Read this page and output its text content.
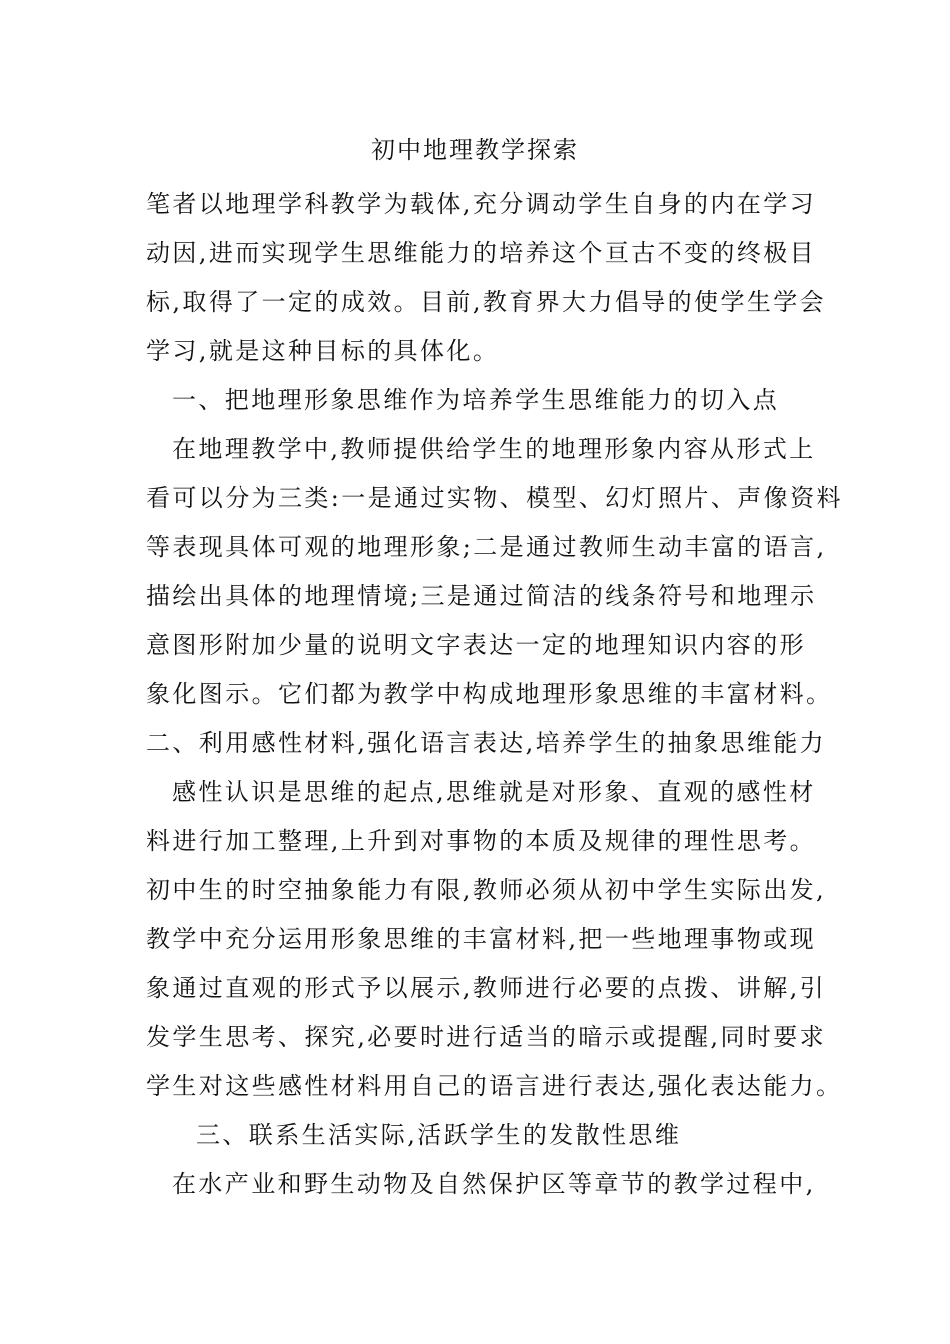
初中地理教学探索
笔者以地理学科教学为载体,充分调动学生自身的内在学习
动因,进而实现学生思维能力的培养这个亘古不变的终极目
标,取得了一定的成效。目前,教育界大力倡导的使学生学会
学习,就是这种目标的具体化。
一、把地理形象思维作为培养学生思维能力的切入点
在地理教学中,教师提供给学生的地理形象内容从形式上
看可以分为三类:一是通过实物、模型、幻灯照片、声像资料
等表现具体可观的地理形象;二是通过教师生动丰富的语言,
描绘出具体的地理情境;三是通过简洁的线条符号和地理示
意图形附加少量的说明文字表达一定的地理知识内容的形
象化图示。它们都为教学中构成地理形象思维的丰富材料。
二、利用感性材料,强化语言表达,培养学生的抽象思维能力
感性认识是思维的起点,思维就是对形象、直观的感性材
料进行加工整理,上升到对事物的本质及规律的理性思考。
初中生的时空抽象能力有限,教师必须从初中学生实际出发,
教学中充分运用形象思维的丰富材料,把一些地理事物或现
象通过直观的形式予以展示,教师进行必要的点拨、讲解,引
发学生思考、探究,必要时进行适当的暗示或提醒,同时要求
学生对这些感性材料用自己的语言进行表达,强化表达能力。
三、联系生活实际,活跃学生的发散性思维
在水产业和野生动物及自然保护区等章节的教学过程中,
